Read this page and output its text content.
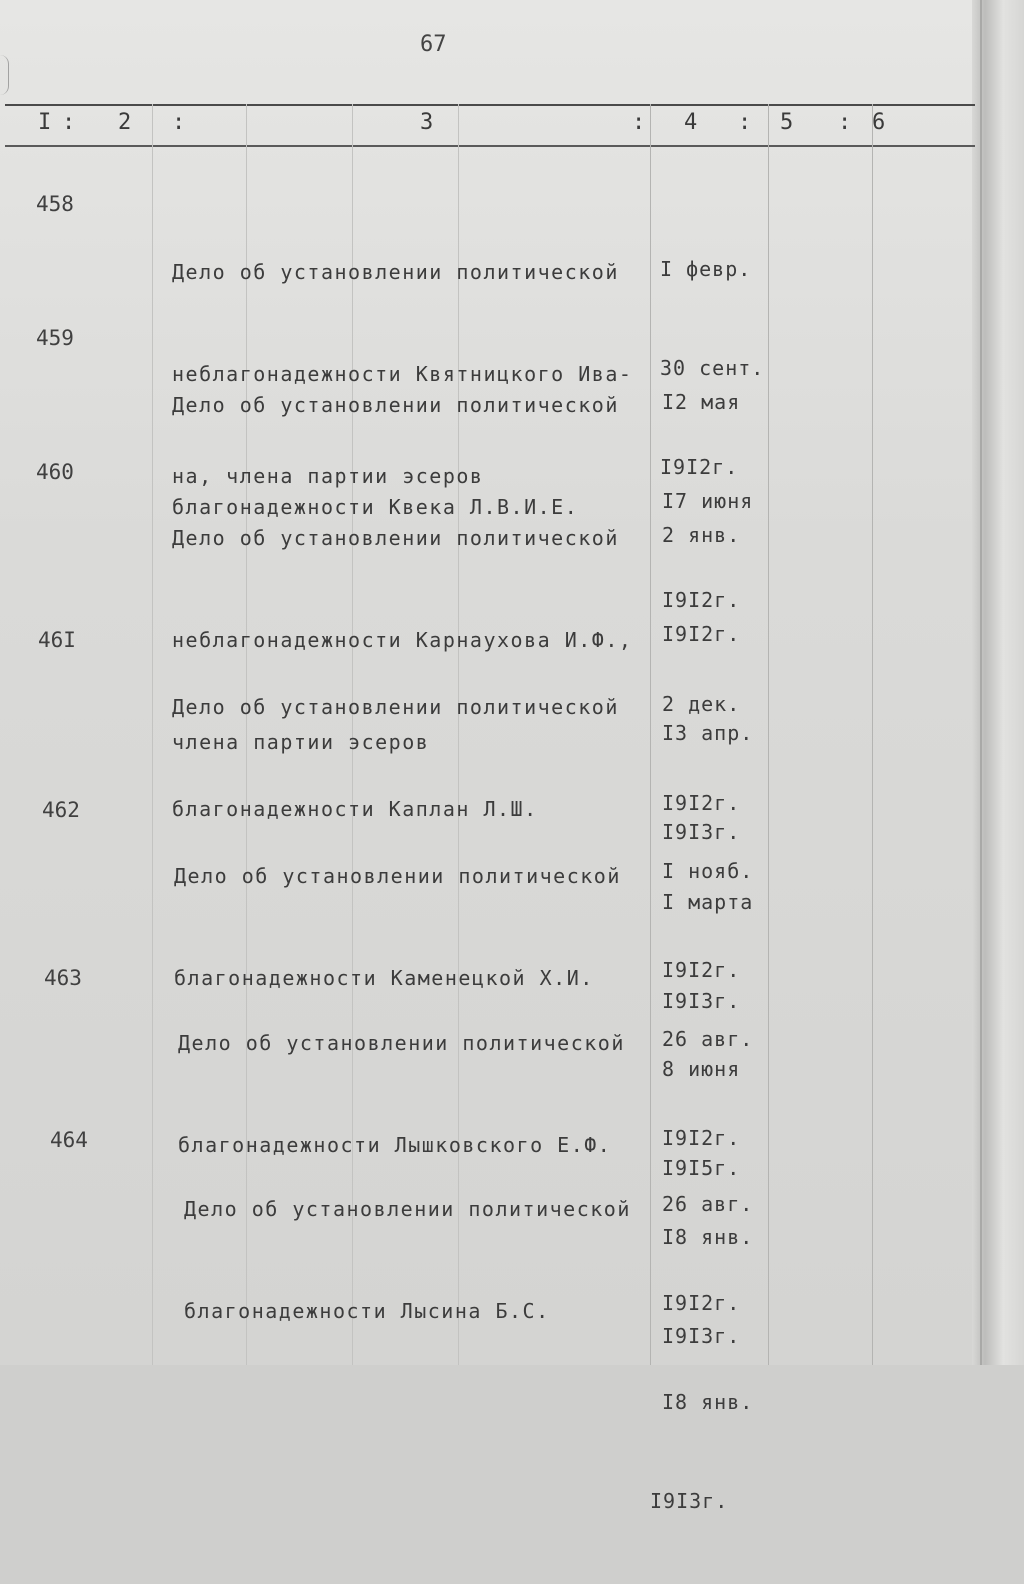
67
I : 2 :	3	: 4 : 5 : 6
458

Дело об установлении политической

неблагонадежности Квятницкого Ива-

на, члена партии эсеров

I февр.

30 сент.

I9I2г.

459

Дело об установлении политической

благонадежности Квека Л.В.И.Е.

I2 мая

I7 июня

I9I2г.

460

Дело об установлении политической

неблагонадежности Карнаухова И.Ф.,

члена партии эсеров

2 янв.

I9I2г.

I3 апр.

I9I3г.

46I

Дело об установлении политической

благонадежности Каплан Л.Ш.

2 дек.

I9I2г.

I марта

I9I3г.

462

Дело об установлении политической

благонадежности Каменецкой Х.И.

I нояб.

I9I2г.

8 июня

I9I5г.

463

Дело об установлении политической

благонадежности Лышковского Е.Ф.

26 авг.

I9I2г.

I8 янв.

I9I3г.

464

Дело об установлении политической

благонадежности Лысина Б.С.

26 авг.

I9I2г.

I8 янв.

I9I3г.
